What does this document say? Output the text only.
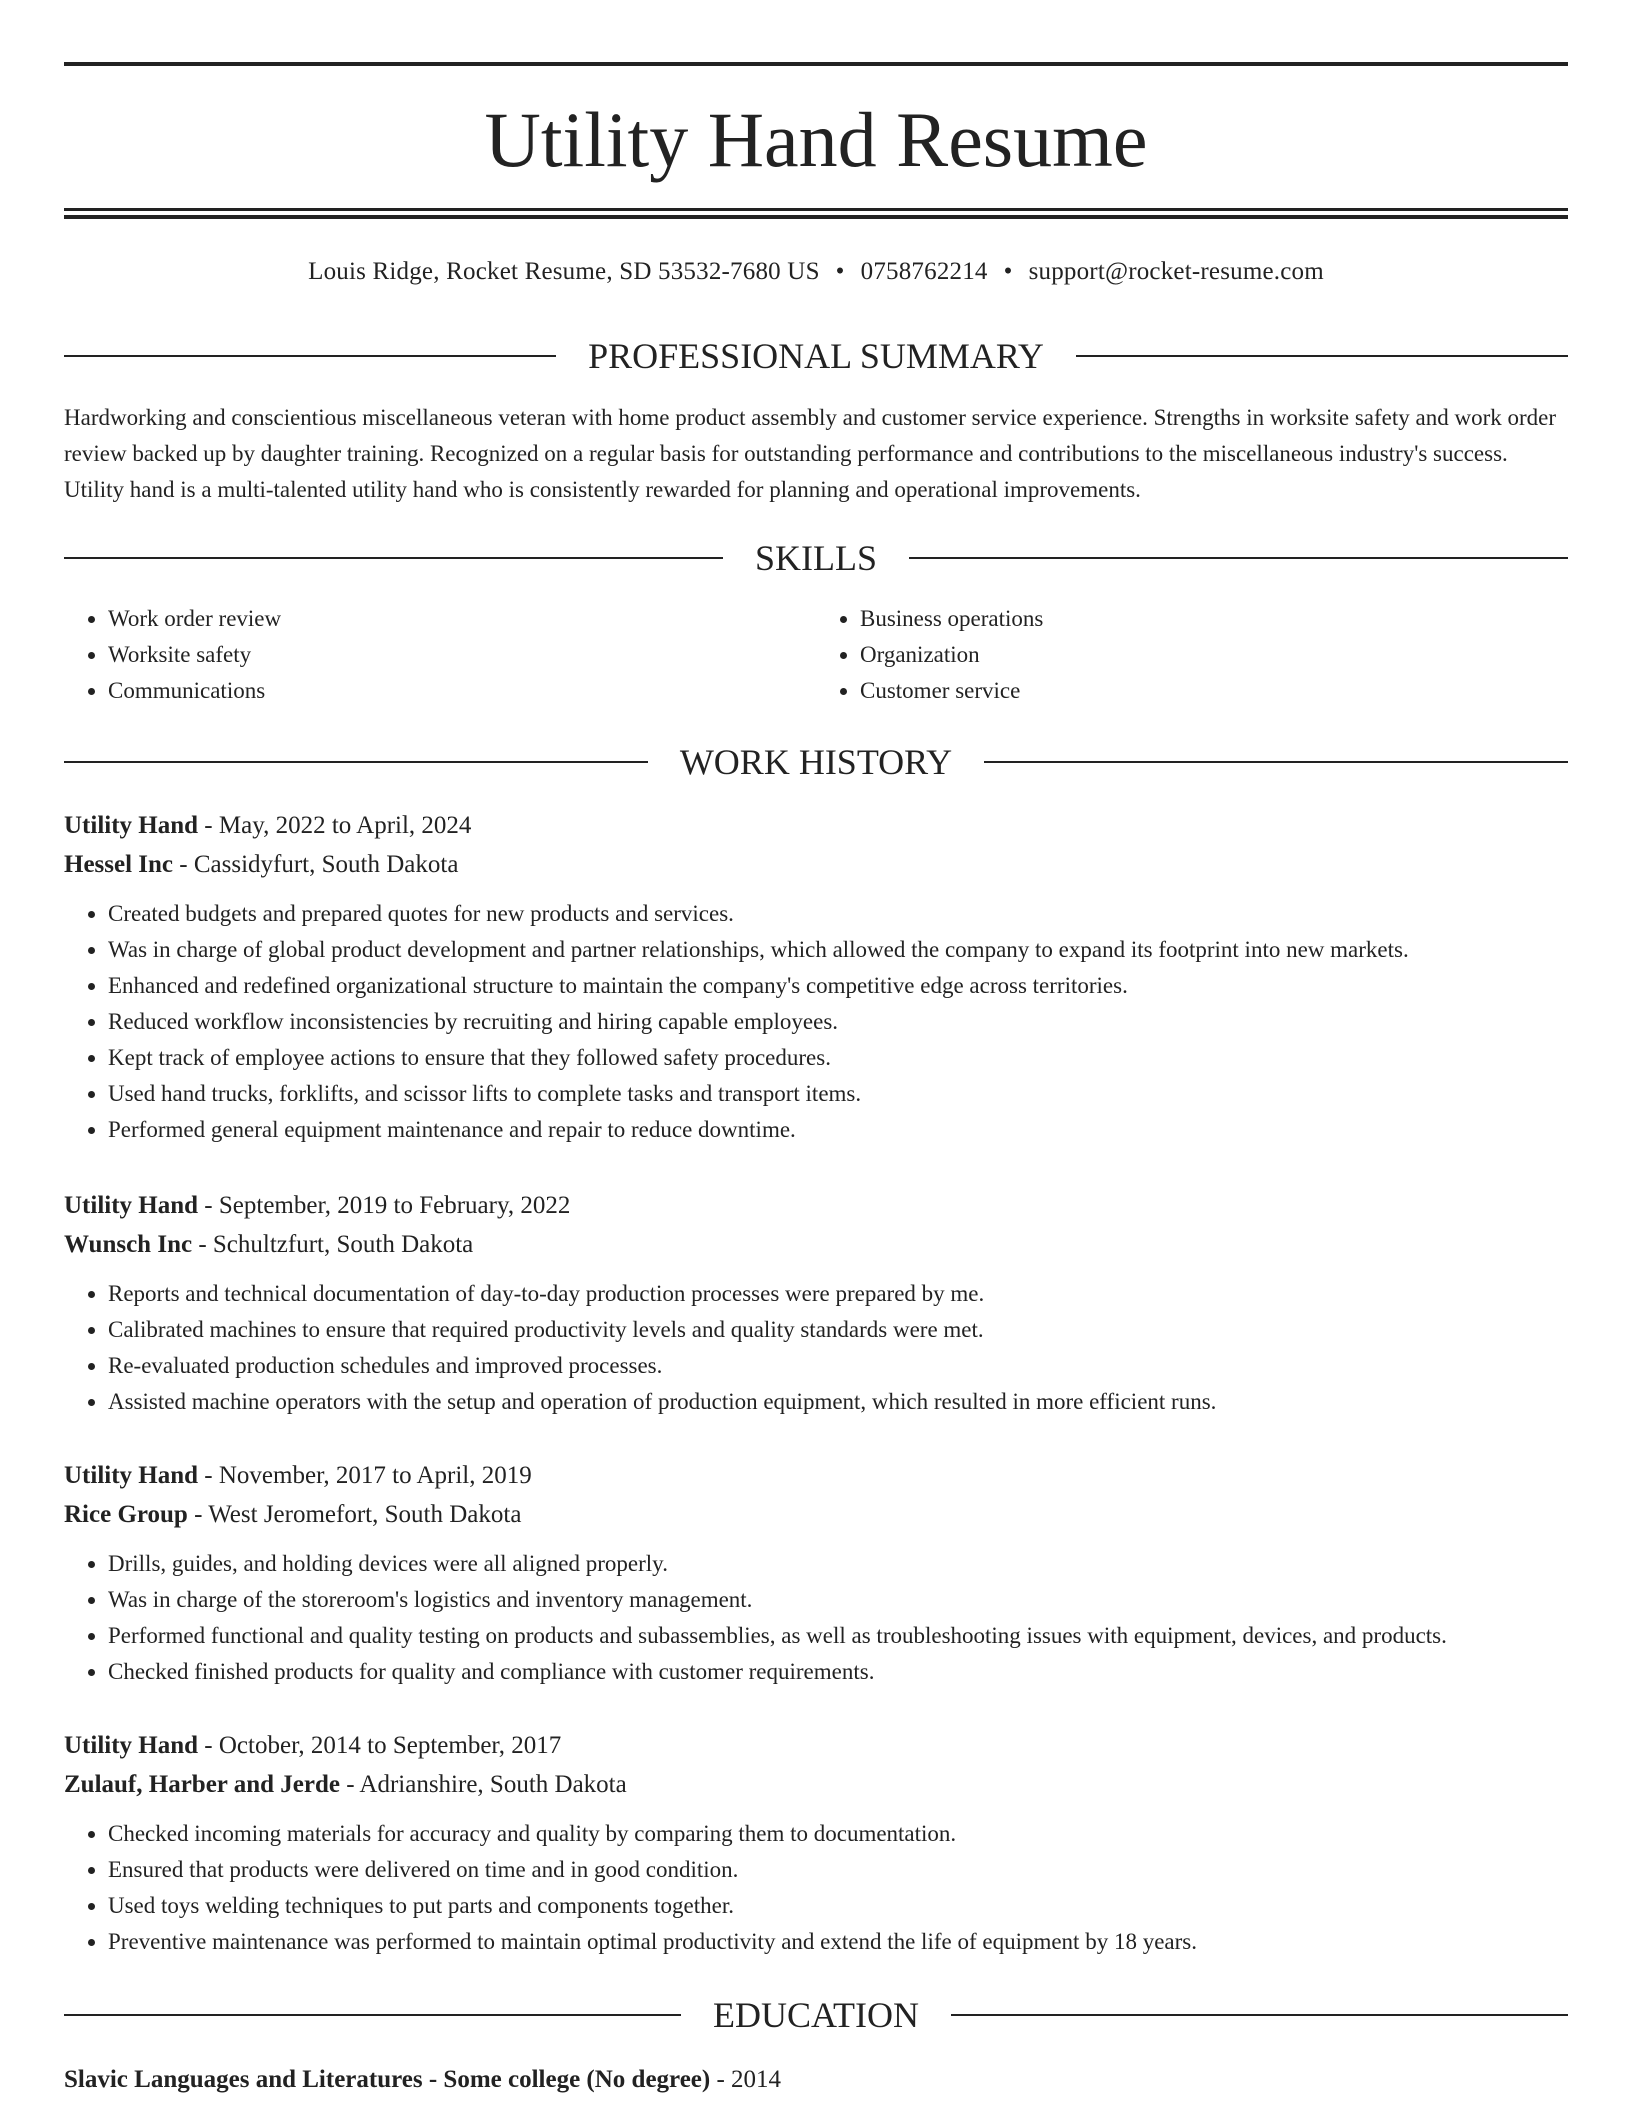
Utility Hand Resume
Louis Ridge, Rocket Resume, SD 53532-7680 US • 0758762214 • support@rocket-resume.com
PROFESSIONAL SUMMARY

Hardworking and conscientious miscellaneous veteran with home product assembly and customer service experience. Strengths in worksite safety and work order review backed up by daughter training. Recognized on a regular basis for outstanding performance and contributions to the miscellaneous industry's success. Utility hand is a multi-talented utility hand who is consistently rewarded for planning and operational improvements.

SKILLS
• Work order review
• Worksite safety
• Communications
• Business operations
• Organization
• Customer service
WORK HISTORY
Utility Hand - May, 2022 to April, 2024
Hessel Inc - Cassidyfurt, South Dakota
• Created budgets and prepared quotes for new products and services.
• Was in charge of global product development and partner relationships, which allowed the company to expand its footprint into new markets.
• Enhanced and redefined organizational structure to maintain the company's competitive edge across territories.
• Reduced workflow inconsistencies by recruiting and hiring capable employees.
• Kept track of employee actions to ensure that they followed safety procedures.
• Used hand trucks, forklifts, and scissor lifts to complete tasks and transport items.
• Performed general equipment maintenance and repair to reduce downtime.
Utility Hand - September, 2019 to February, 2022
Wunsch Inc - Schultzfurt, South Dakota
• Reports and technical documentation of day-to-day production processes were prepared by me.
• Calibrated machines to ensure that required productivity levels and quality standards were met.
• Re-evaluated production schedules and improved processes.
• Assisted machine operators with the setup and operation of production equipment, which resulted in more efficient runs.
Utility Hand - November, 2017 to April, 2019
Rice Group - West Jeromefort, South Dakota
• Drills, guides, and holding devices were all aligned properly.
• Was in charge of the storeroom's logistics and inventory management.
• Performed functional and quality testing on products and subassemblies, as well as troubleshooting issues with equipment, devices, and products.
• Checked finished products for quality and compliance with customer requirements.
Utility Hand - October, 2014 to September, 2017
Zulauf, Harber and Jerde - Adrianshire, South Dakota
• Checked incoming materials for accuracy and quality by comparing them to documentation.
• Ensured that products were delivered on time and in good condition.
• Used toys welding techniques to put parts and components together.
• Preventive maintenance was performed to maintain optimal productivity and extend the life of equipment by 18 years.
EDUCATION
Slavic Languages and Literatures - Some college (No degree) - 2014
